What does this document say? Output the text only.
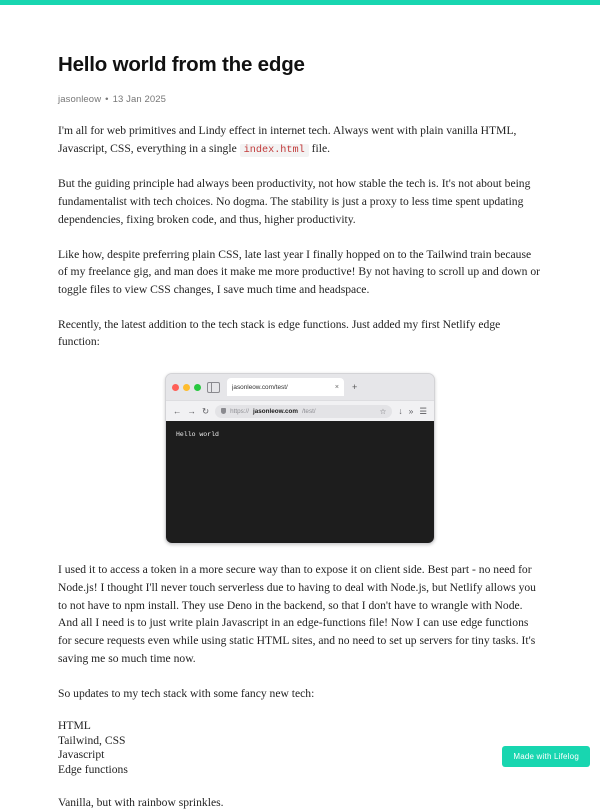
Hello world from the edge
jasonleow • 13 Jan 2025

I'm all for web primitives and Lindy effect in internet tech. Always went with plain vanilla HTML, Javascript, CSS, everything in a single index.html file.

But the guiding principle had always been productivity, not how stable the tech is. It's not about being fundamentalist with tech choices. No dogma. The stability is just a proxy to less time spent updating dependencies, fixing broken code, and thus, higher productivity.

Like how, despite preferring plain CSS, late last year I finally hopped on to the Tailwind train because of my freelance gig, and man does it make me more productive! By not having to scroll up and down or toggle files to view CSS changes, I save much time and headspace.

Recently, the latest addition to the tech stack is edge functions. Just added my first Netlify edge function:

jasonleow.com/test/	× +
← → ↻	https:// jasonleow.com /test/	☆ ↓ » ☰
Hello world

I used it to access a token in a more secure way than to expose it on client side. Best part - no need for Node.js! I thought I'll never touch serverless due to having to deal with Node.js, but Netlify allows you to not have to npm install. They use Deno in the backend, so that I don't have to wrangle with Node. And all I need is to just write plain Javascript in an edge-functions file! Now I can use edge functions for secure requests even while using static HTML sites, and no need to set up servers for tiny tasks. It's saving me so much time now.

So updates to my tech stack with some fancy new tech:

HTML
Tailwind, CSS
Javascript
Edge functions

Vanilla, but with rainbow sprinkles.

Made with Lifelog
